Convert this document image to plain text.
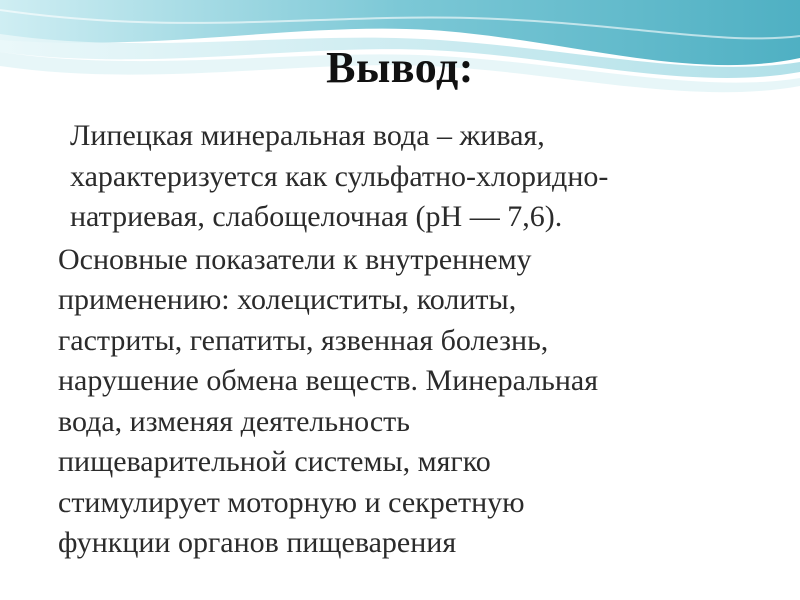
Вывод:

Липецкая минеральная вода – живая,
характеризуется как сульфатно-хлоридно-
натриевая, слабощелочная (рН — 7,6).

Основные показатели к внутреннему
применению: холециститы, колиты,
гастриты, гепатиты, язвенная болезнь,
нарушение обмена веществ. Минеральная
вода, изменяя деятельность
пищеварительной системы, мягко
стимулирует моторную и секретную
функции органов пищеварения
